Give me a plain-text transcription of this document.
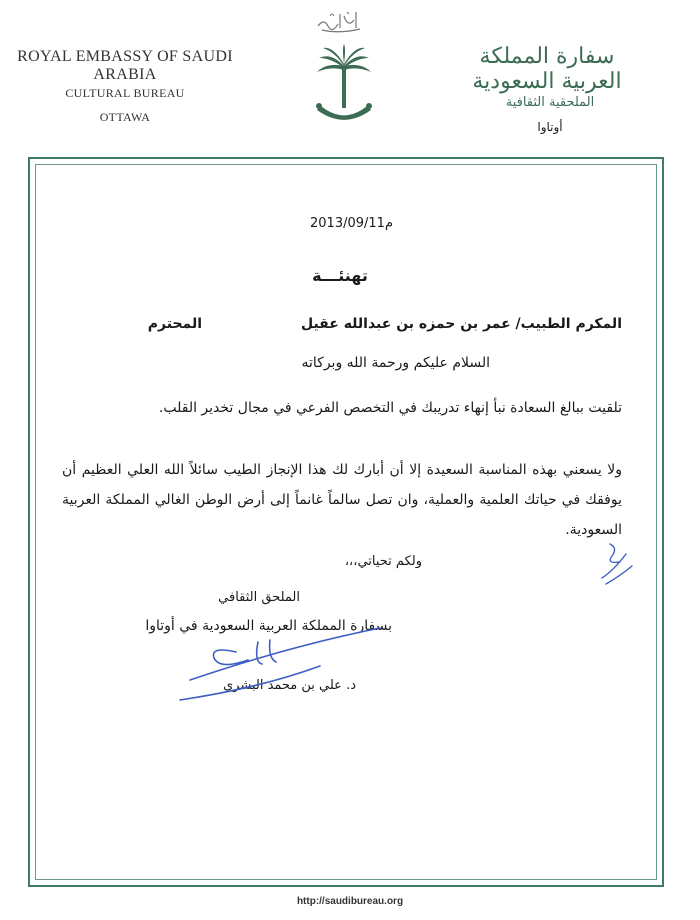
ROYAL EMBASSY OF SAUDI ARABIA
CULTURAL BUREAU
OTTAWA
سفارة المملكة العربية السعودية
الملحقية الثقافية
أوتاوا
2013/09/11م
تهنئـــة
المكرم الطبيب/ عمر بن حمزه بن عبدالله عقيل
المحترم
السلام عليكم ورحمة الله وبركاته
تلقيت ببالغ السعادة نبأ إنهاء تدريبك في التخصص الفرعي في مجال تخدير القلب.
ولا يسعني بهذه المناسبة السعيدة إلا أن أبارك لك هذا الإنجاز الطيب سائلاً الله العلي العظيم أن يوفقك في حياتك العلمية والعملية، وان تصل سالماً غانماً إلى أرض الوطن الغالي المملكة العربية السعودية.
ولكم تحياتي،،،
الملحق الثقافي
بسفارة المملكة العربية السعودية في أوتاوا
د. علي بن محمد البشري
http://saudibureau.org
